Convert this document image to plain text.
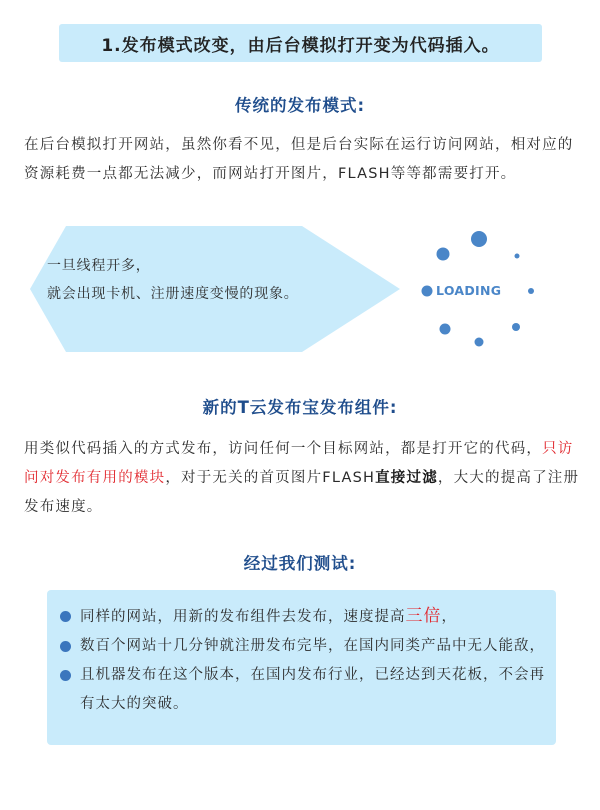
1.发布模式改变，由后台模拟打开变为代码插入。
传统的发布模式:
在后台模拟打开网站，虽然你看不见，但是后台实际在运行访问网站，相对应的资源耗费一点都无法减少，而网站打开图片，FLASH等等都需要打开。
一旦线程开多，
就会出现卡机、注册速度变慢的现象。	LOADING
新的T云发布宝发布组件:
用类似代码插入的方式发布，访问任何一个目标网站，都是打开它的代码，只访问对发布有用的模块，对于无关的首页图片FLASH直接过滤，大大的提高了注册发布速度。
经过我们测试:
同样的网站，用新的发布组件去发布，速度提高三倍，
数百个网站十几分钟就注册发布完毕，在国内同类产品中无人能敌，
且机器发布在这个版本，在国内发布行业，已经达到天花板，不会再有太大的突破。
